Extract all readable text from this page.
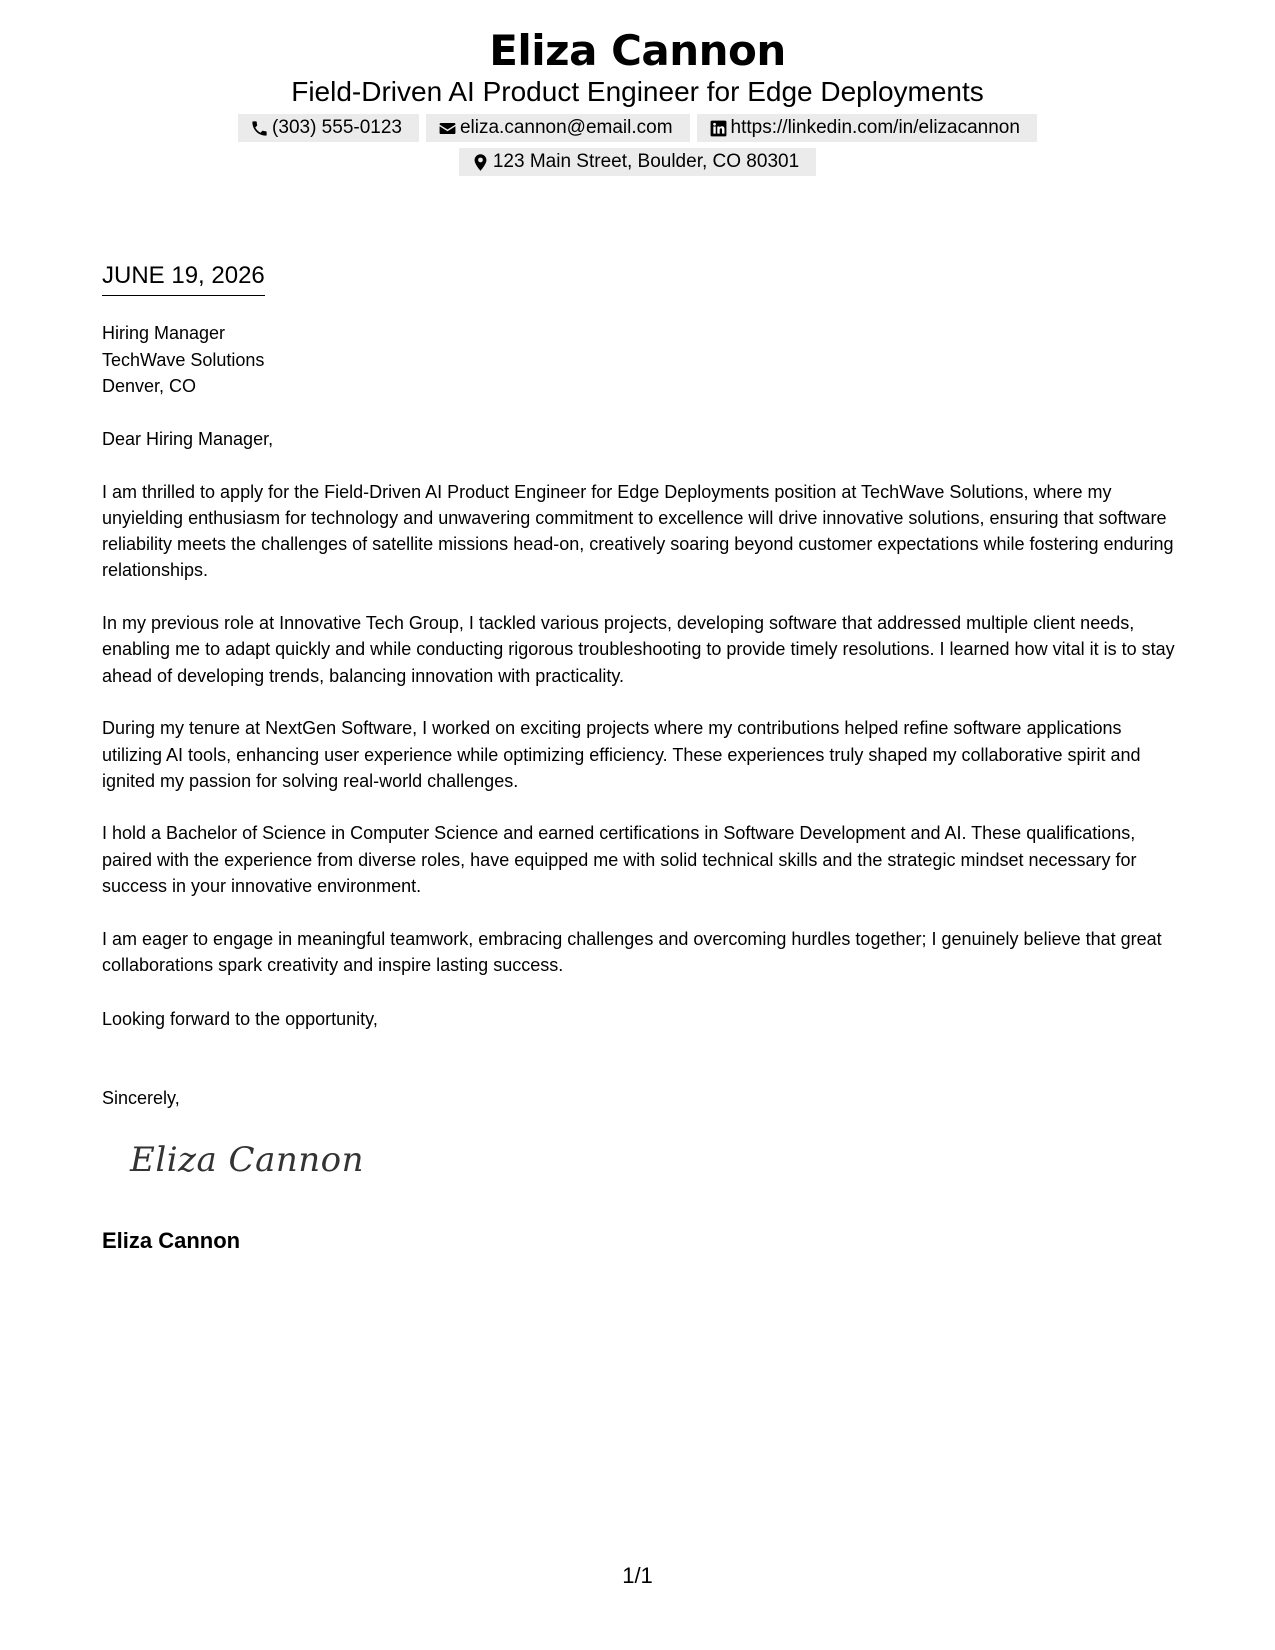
Eliza Cannon
Field-Driven AI Product Engineer for Edge Deployments
(303) 555-0123	eliza.cannon@email.com	https://linkedin.com/in/elizacannon
123 Main Street, Boulder, CO 80301
JUNE 19, 2026
Hiring Manager
TechWave Solutions
Denver, CO

Dear Hiring Manager,

I am thrilled to apply for the Field-Driven AI Product Engineer for Edge Deployments position at TechWave Solutions, where my unyielding enthusiasm for technology and unwavering commitment to excellence will drive innovative solutions, ensuring that software reliability meets the challenges of satellite missions head-on, creatively soaring beyond customer expectations while fostering enduring relationships.

In my previous role at Innovative Tech Group, I tackled various projects, developing software that addressed multiple client needs, enabling me to adapt quickly and while conducting rigorous troubleshooting to provide timely resolutions. I learned how vital it is to stay ahead of developing trends, balancing innovation with practicality.

During my tenure at NextGen Software, I worked on exciting projects where my contributions helped refine software applications utilizing AI tools, enhancing user experience while optimizing efficiency. These experiences truly shaped my collaborative spirit and ignited my passion for solving real-world challenges.

I hold a Bachelor of Science in Computer Science and earned certifications in Software Development and AI. These qualifications, paired with the experience from diverse roles, have equipped me with solid technical skills and the strategic mindset necessary for success in your innovative environment.

I am eager to engage in meaningful teamwork, embracing challenges and overcoming hurdles together; I genuinely believe that great collaborations spark creativity and inspire lasting success.

Looking forward to the opportunity,
Sincerely,
Eliza Cannon
Eliza Cannon
1/1
